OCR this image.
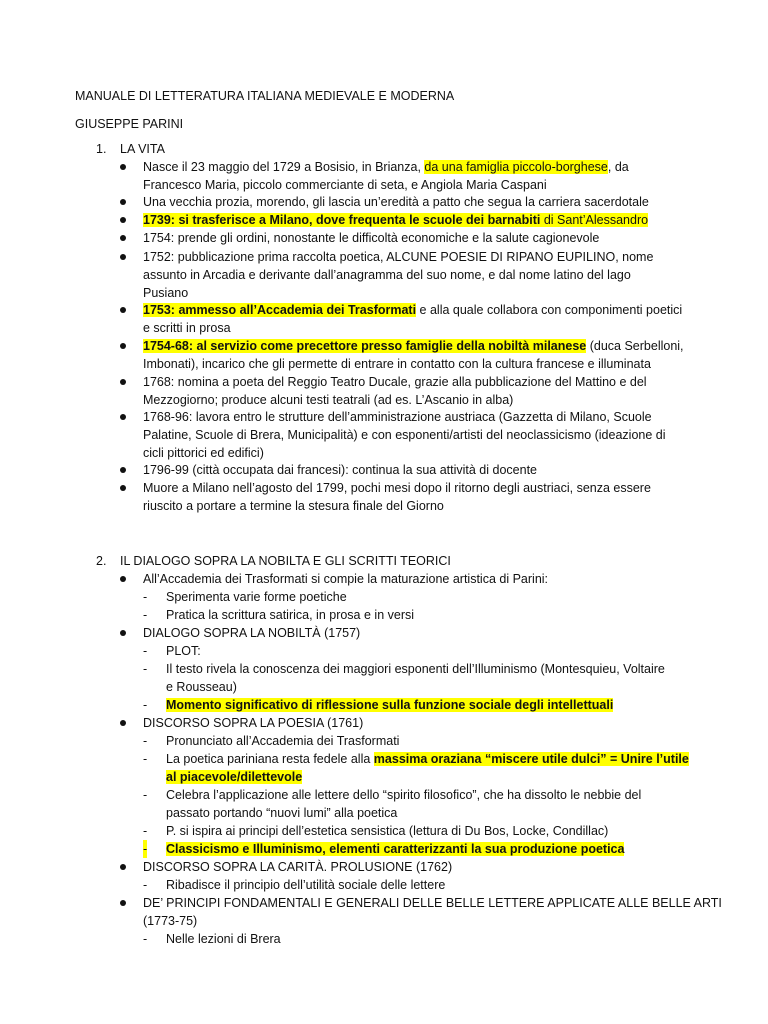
MANUALE DI LETTERATURA ITALIANA MEDIEVALE E MODERNA
GIUSEPPE PARINI
1. LA VITA
Nasce il 23 maggio del 1729 a Bosisio, in Brianza, da una famiglia piccolo-borghese, da
Francesco Maria, piccolo commerciante di seta, e Angiola Maria Caspani
Una vecchia prozia, morendo, gli lascia un’eredità a patto che segua la carriera sacerdotale
1739: si trasferisce a Milano, dove frequenta le scuole dei barnabiti di Sant’Alessandro
1754: prende gli ordini, nonostante le difficoltà economiche e la salute cagionevole
1752: pubblicazione prima raccolta poetica, ALCUNE POESIE DI RIPANO EUPILINO, nome
assunto in Arcadia e derivante dall’anagramma del suo nome, e dal nome latino del lago
Pusiano
1753: ammesso all’Accademia dei Trasformati e alla quale collabora con componimenti poetici
e scritti in prosa
1754-68: al servizio come precettore presso famiglie della nobiltà milanese (duca Serbelloni,
Imbonati), incarico che gli permette di entrare in contatto con la cultura francese e illuminata
1768: nomina a poeta del Reggio Teatro Ducale, grazie alla pubblicazione del Mattino e del
Mezzogiorno; produce alcuni testi teatrali (ad es. L’Ascanio in alba)
1768-96: lavora entro le strutture dell’amministrazione austriaca (Gazzetta di Milano, Scuole
Palatine, Scuole di Brera, Municipalità) e con esponenti/artisti del neoclassicismo (ideazione di
cicli pittorici ed edifici)
1796-99 (città occupata dai francesi): continua la sua attività di docente
Muore a Milano nell’agosto del 1799, pochi mesi dopo il ritorno degli austriaci, senza essere
riuscito a portare a termine la stesura finale del Giorno
2. IL DIALOGO SOPRA LA NOBILTA E GLI SCRITTI TEORICI
All’Accademia dei Trasformati si compie la maturazione artistica di Parini:
- Sperimenta varie forme poetiche
- Pratica la scrittura satirica, in prosa e in versi
DIALOGO SOPRA LA NOBILTÀ (1757)
- PLOT:
- Il testo rivela la conoscenza dei maggiori esponenti dell’Illuminismo (Montesquieu, Voltaire
e Rousseau)
- Momento significativo di riflessione sulla funzione sociale degli intellettuali
DISCORSO SOPRA LA POESIA (1761)
- Pronunciato all’Accademia dei Trasformati
- La poetica pariniana resta fedele alla massima oraziana “miscere utile dulci” = Unire l’utile
al piacevole/dilettevole
- Celebra l’applicazione alle lettere dello “spirito filosofico”, che ha dissolto le nebbie del
passato portando “nuovi lumi” alla poetica
- P. si ispira ai principi dell’estetica sensistica (lettura di Du Bos, Locke, Condillac)
- Classicismo e Illuminismo, elementi caratterizzanti la sua produzione poetica
DISCORSO SOPRA LA CARITÀ. PROLUSIONE (1762)
- Ribadisce il principio dell’utilità sociale delle lettere
DE’ PRINCIPI FONDAMENTALI E GENERALI DELLE BELLE LETTERE APPLICATE ALLE BELLE ARTI
(1773-75)
- Nelle lezioni di Brera
